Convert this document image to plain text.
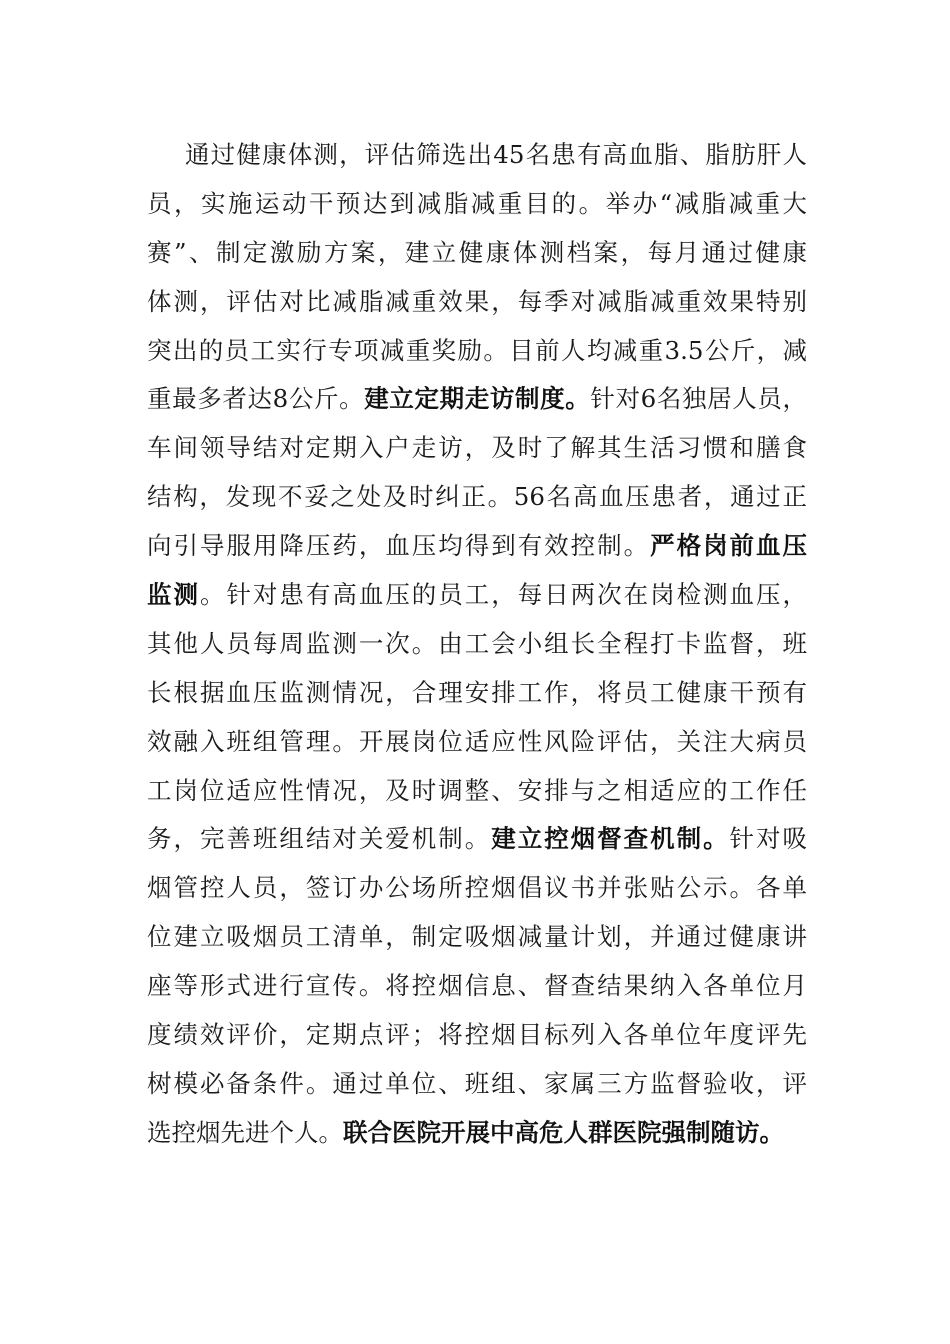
通过健康体测，评估筛选出45名患有高血脂、脂肪肝人
员，实施运动干预达到减脂减重目的。举办“减脂减重大
赛”、制定激励方案，建立健康体测档案，每月通过健康
体测，评估对比减脂减重效果，每季对减脂减重效果特别
突出的员工实行专项减重奖励。目前人均减重3.5公斤，减
重最多者达8公斤。建立定期走访制度。针对6名独居人员，
车间领导结对定期入户走访，及时了解其生活习惯和膳食
结构，发现不妥之处及时纠正。56名高血压患者，通过正
向引导服用降压药，血压均得到有效控制。严格岗前血压
监测。针对患有高血压的员工，每日两次在岗检测血压，
其他人员每周监测一次。由工会小组长全程打卡监督，班
长根据血压监测情况，合理安排工作，将员工健康干预有
效融入班组管理。开展岗位适应性风险评估，关注大病员
工岗位适应性情况，及时调整、安排与之相适应的工作任
务，完善班组结对关爱机制。建立控烟督查机制。针对吸
烟管控人员，签订办公场所控烟倡议书并张贴公示。各单
位建立吸烟员工清单，制定吸烟减量计划，并通过健康讲
座等形式进行宣传。将控烟信息、督查结果纳入各单位月
度绩效评价，定期点评；将控烟目标列入各单位年度评先
树模必备条件。通过单位、班组、家属三方监督验收，评
选控烟先进个人。联合医院开展中高危人群医院强制随访。
